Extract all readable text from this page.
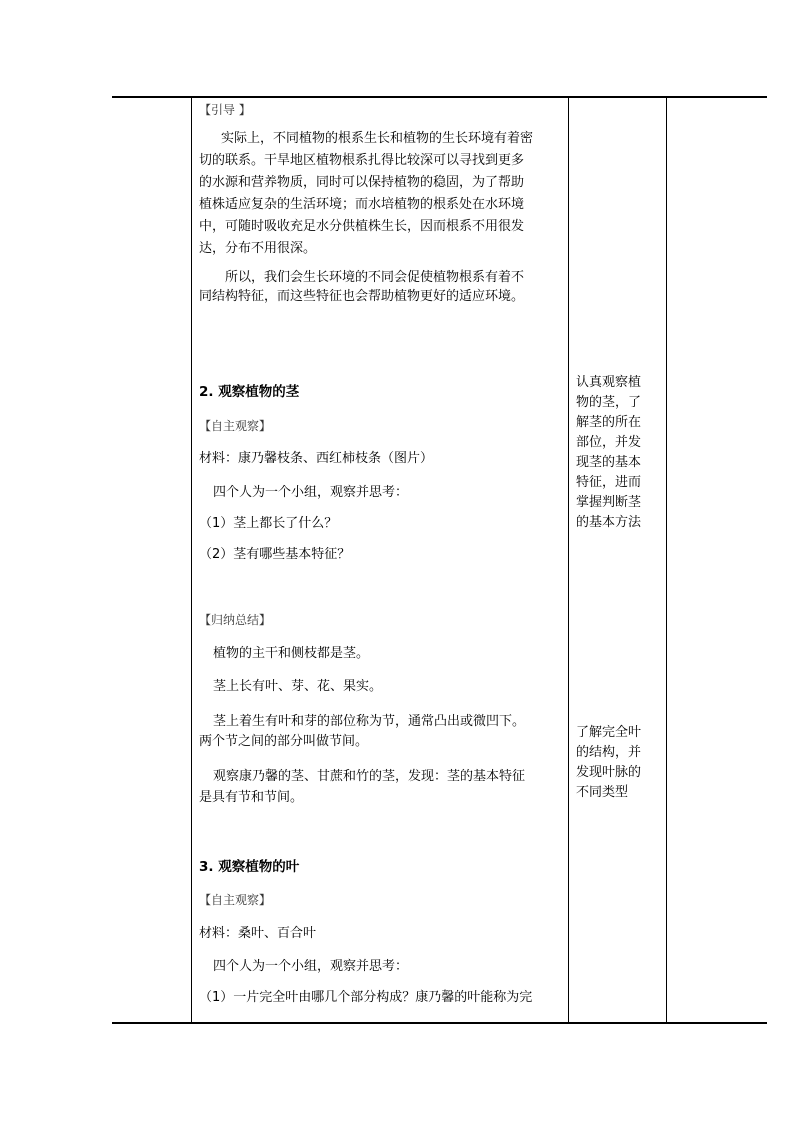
【引导 】
实际上，不同植物的根系生长和植物的生长环境有着密
切的联系。干旱地区植物根系扎得比较深可以寻找到更多
的水源和营养物质，同时可以保持植物的稳固，为了帮助
植株适应复杂的生活环境；而水培植物的根系处在水环境
中，可随时吸收充足水分供植株生长，因而根系不用很发
达，分布不用很深。
所以，我们会生长环境的不同会促使植物根系有着不
同结构特征，而这些特征也会帮助植物更好的适应环境。
2. 观察植物的茎
【自主观察】
材料：康乃馨枝条、西红柿枝条（图片）
四个人为一个小组，观察并思考：
（1）茎上都长了什么？
（2）茎有哪些基本特征？
【归纳总结】
植物的主干和侧枝都是茎。
茎上长有叶、芽、花、果实。
茎上着生有叶和芽的部位称为节，通常凸出或微凹下。
两个节之间的部分叫做节间。
观察康乃馨的茎、甘蔗和竹的茎，发现：茎的基本特征
是具有节和节间。
3. 观察植物的叶
【自主观察】
材料：桑叶、百合叶
四个人为一个小组，观察并思考：
（1）一片完全叶由哪几个部分构成？康乃馨的叶能称为完
认真观察植
物的茎，了
解茎的所在
部位，并发
现茎的基本
特征，进而
掌握判断茎
的基本方法
了解完全叶
的结构，并
发现叶脉的
不同类型
